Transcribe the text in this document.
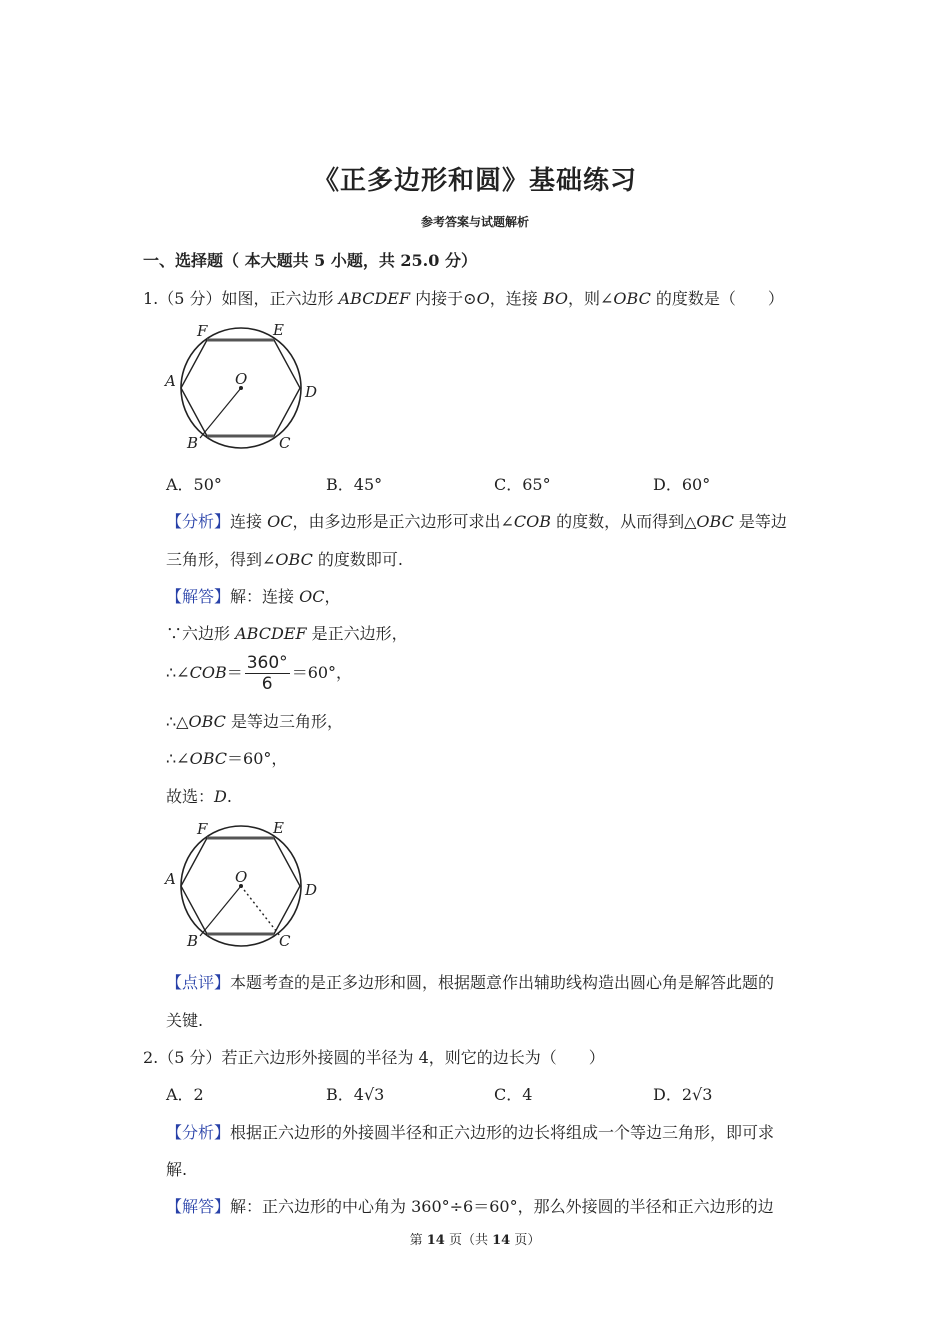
《正多边形和圆》基础练习
参考答案与试题解析
一、选择题（ 本大题共 5 小题，共 25.0 分）
1.（5 分）如图，正六边形 ABCDEF 内接于⊙O，连接 BO，则∠OBC 的度数是（　　）
F	E
A
D
O
B	C
A．50°	B．45°	C．65°	D．60°
【分析】连接 OC，由多边形是正六边形可求出∠COB 的度数，从而得到△OBC 是等边
三角形，得到∠OBC 的度数即可.
【解答】解：连接 OC，
∵六边形 ABCDEF 是正六边形，
∴∠COB＝ $\frac{360^\circ}{6} =60^\circ$，
∴△OBC 是等边三角形，
∴∠OBC＝60°，
故选：D.
F	E
A
D
O
B	C
【点评】本题考查的是正多边形和圆，根据题意作出辅助线构造出圆心角是解答此题的
关键.
2.（5 分）若正六边形外接圆的半径为 4，则它的边长为（　　）
A．2	B．4√3	C．4	D．2√3
【分析】根据正六边形的外接圆半径和正六边形的边长将组成一个等边三角形，即可求
解.
【解答】解：正六边形的中心角为 360°÷6＝60°，那么外接圆的半径和正六边形的边
第 14 页（共 14 页）
